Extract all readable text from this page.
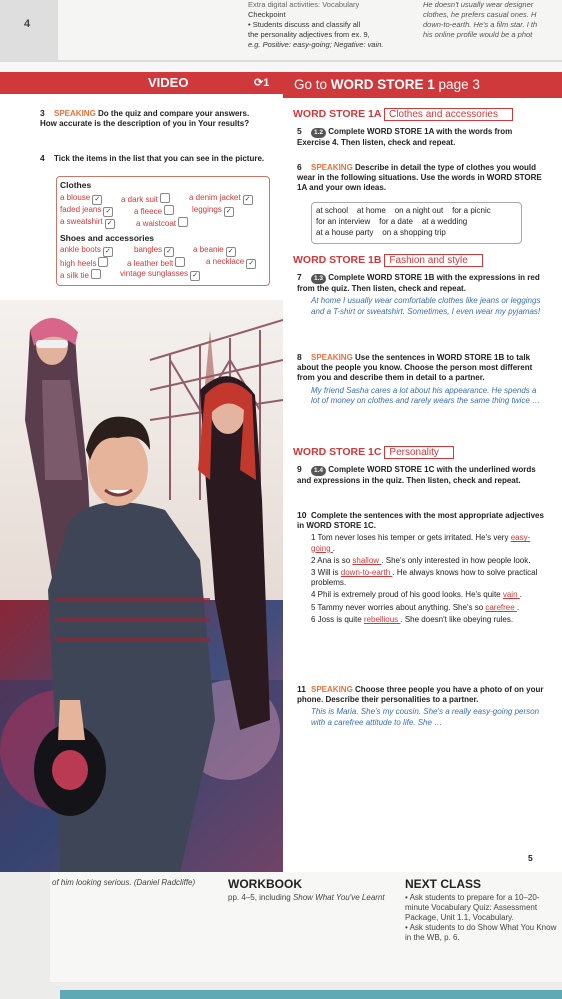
4
Extra digital activities: Vocabulary
Checkpoint
• Students discuss and classify all
the personality adjectives from ex. 9,
e.g. Positive: easy-going; Negative: vain.
He doesn't usually wear designer
clothes, he prefers casual ones. H
down-to-earth. He's a film star. I th
his online profile would be a phot
VIDEO	⟳1 Go to WORD STORE 1 page 3
3 SPEAKING Do the quiz and compare your answers. How accurate is the description of you in Your results?
4 Tick the items in the list that you can see in the picture.
Clothes
Shoes and accessories
a blouse ✓	a dark suit	a denim jacket ✓
faded jeans ✓	a fleece	leggings ✓
a sweatshirt ✓	a waistcoat
ankle boots ✓	bangles ✓	a beanie ✓
high heels	a leather belt	a necklace ✓
a silk tie	vintage sunglasses ✓
WORD STORE 1A Clothes and accessories
5 1.2 Complete WORD STORE 1A with the words from Exercise 4. Then listen, check and repeat.
6 SPEAKING Describe in detail the type of clothes you would wear in the following situations. Use the words in WORD STORE 1A and your own ideas.
at school at home on a night out for a picnic
for an interview for a date at a wedding
at a house party on a shopping trip
WORD STORE 1B Fashion and style
7 1.3 Complete WORD STORE 1B with the expressions in red from the quiz. Then listen, check and repeat.
At home I usually wear comfortable clothes like jeans or leggings and a T-shirt or sweatshirt. Sometimes, I even wear my pyjamas!
8 SPEAKING Use the sentences in WORD STORE 1B to talk about the people you know. Choose the person most different from you and describe them in detail to a partner.
My friend Sasha cares a lot about his appearance. He spends a lot of money on clothes and rarely wears the same thing twice …
WORD STORE 1C Personality
9 1.4 Complete WORD STORE 1C with the underlined words and expressions in the quiz. Then listen, check and repeat.
10 Complete the sentences with the most appropriate adjectives in WORD STORE 1C.
1 Tom never loses his temper or gets irritated. He's very easy-going .
2 Ana is so shallow . She's only interested in how people look.
3 Will is down-to-earth . He always knows how to solve practical problems.
4 Phil is extremely proud of his good looks. He's quite vain .
5 Tammy never worries about anything. She's so carefree .
6 Joss is quite rebellious . She doesn't like obeying rules.
11 SPEAKING Choose three people you have a photo of on your phone. Describe their personalities to a partner.
This is Maria. She's my cousin. She's a really easy-going person with a carefree attitude to life. She …
5
of him looking serious. (Daniel Radcliffe)	WORKBOOK
pp. 4–5, including Show What You've Learnt
NEXT CLASS
• Ask students to prepare for a 10–20-minute Vocabulary Quiz: Assessment Package, Unit 1.1, Vocabulary.
• Ask students to do Show What You Know in the WB, p. 6.
